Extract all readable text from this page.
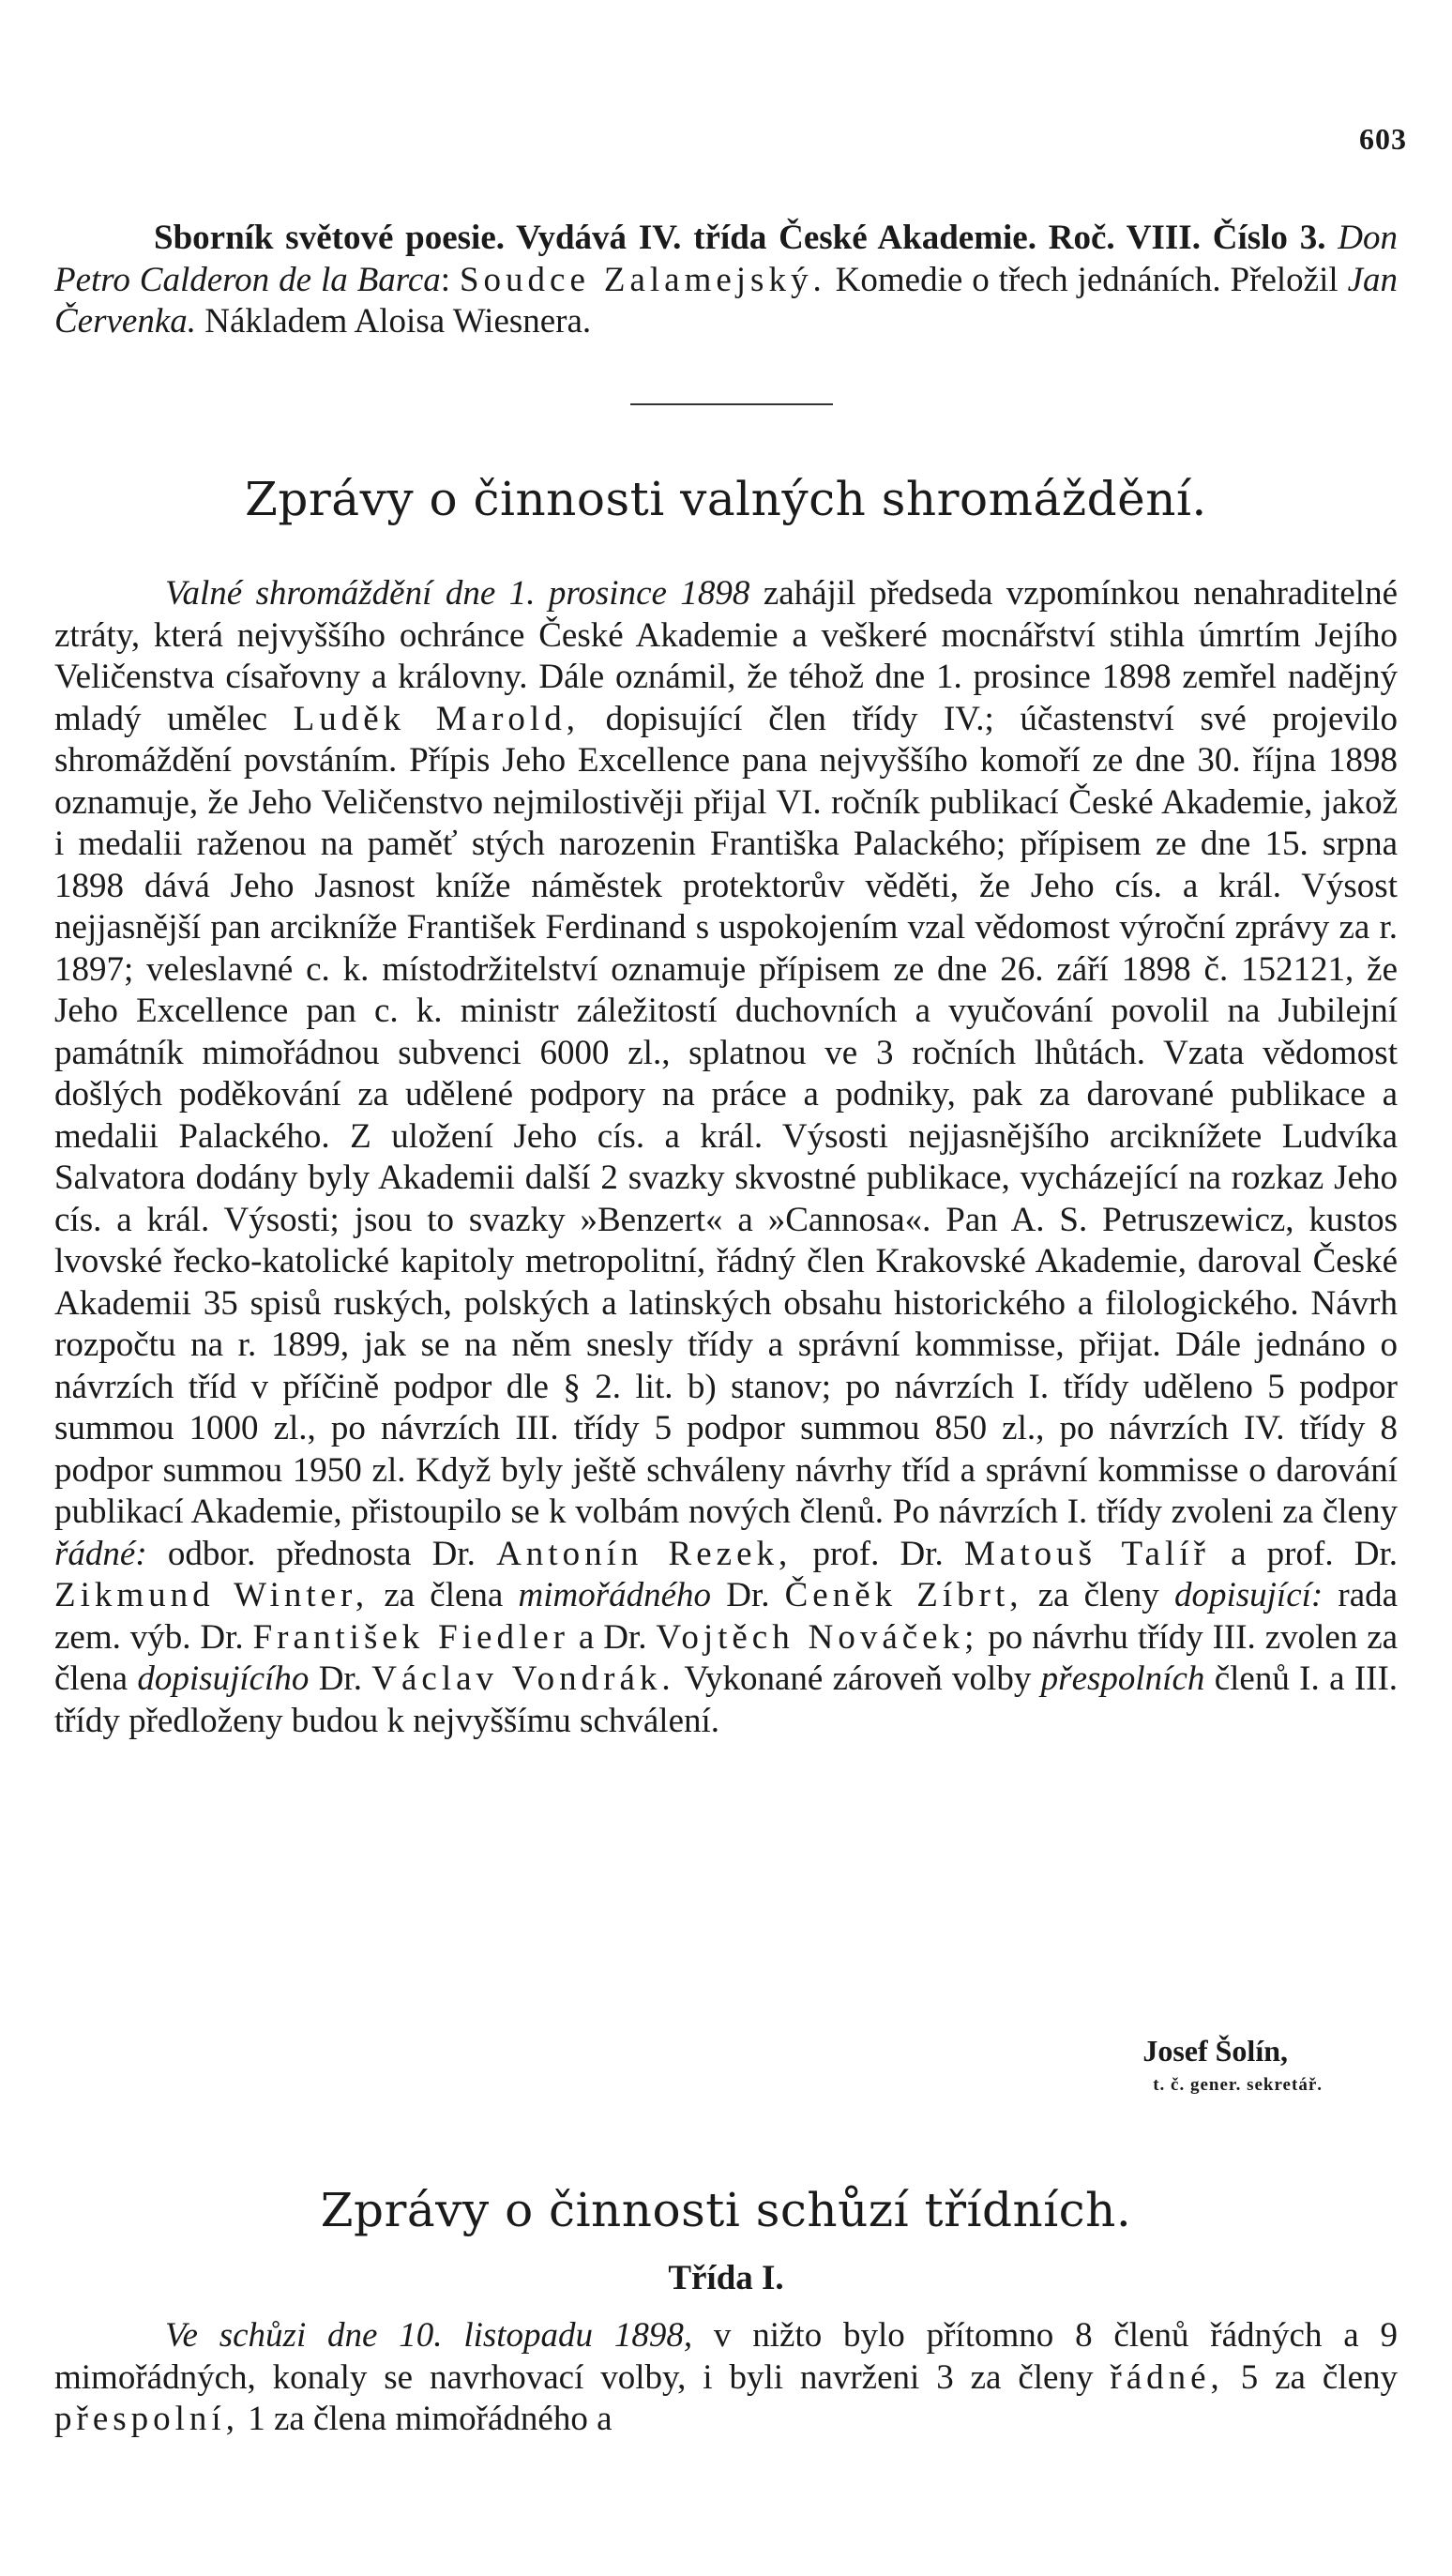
603

Sborník světové poesie. Vydává IV. třída České Akademie. Roč. VIII. Číslo 3. Don Petro Calderon de la Barca: Soudce Zalamejský. Komedie o třech jednáních. Přeložil Jan Červenka. Nákladem Aloisa Wiesnera.

Zprávy o činnosti valných shromáždění.

Valné shromáždění dne 1. prosince 1898 zahájil předseda vzpomínkou nenahraditelné ztráty, která nejvyššího ochránce České Akademie a veškeré mocnářství stihla úmrtím Jejího Veličenstva císařovny a královny. Dále oznámil, že téhož dne 1. prosince 1898 zemřel nadějný mladý umělec Luděk Marold, dopisující člen třídy IV.; účastenství své projevilo shromáždění povstáním. Přípis Jeho Excellence pana nejvyššího komoří ze dne 30. října 1898 oznamuje, že Jeho Veličenstvo nejmilostivěji přijal VI. ročník publikací České Akademie, jakož i medalii raženou na paměť stých narozenin Františka Palackého; přípisem ze dne 15. srpna 1898 dává Jeho Jasnost kníže náměstek protektorův věděti, že Jeho cís. a král. Výsost nejjasnější pan arcikníže František Ferdinand s uspokojením vzal vědomost výroční zprávy za r. 1897; veleslavné c. k. místodržitelství oznamuje přípisem ze dne 26. září 1898 č. 152121, že Jeho Excellence pan c. k. ministr záležitostí duchovních a vyučování povolil na Jubilejní památník mimořádnou subvenci 6000 zl., splatnou ve 3 ročních lhůtách. Vzata vědomost došlých poděkování za udělené podpory na práce a podniky, pak za darované publikace a medalii Palackého. Z uložení Jeho cís. a král. Výsosti nejjasnějšího arciknížete Ludvíka Salvatora dodány byly Akademii další 2 svazky skvostné publikace, vycházející na rozkaz Jeho cís. a král. Výsosti; jsou to svazky »Benzert« a »Cannosa«. Pan A. S. Petruszewicz, kustos lvovské řecko-katolické kapitoly metropolitní, řádný člen Krakovské Akademie, daroval České Akademii 35 spisů ruských, polských a latinských obsahu historického a filologického. Návrh rozpočtu na r. 1899, jak se na něm snesly třídy a správní kommisse, přijat. Dále jednáno o návrzích tříd v příčině podpor dle § 2. lit. b) stanov; po návrzích I. třídy uděleno 5 podpor summou 1000 zl., po návrzích III. třídy 5 podpor summou 850 zl., po návrzích IV. třídy 8 podpor summou 1950 zl. Když byly ještě schváleny návrhy tříd a správní kommisse o darování publikací Akademie, přistoupilo se k volbám nových členů. Po návrzích I. třídy zvoleni za členy řádné: odbor. přednosta Dr. Antonín Rezek, prof. Dr. Matouš Talíř a prof. Dr. Zikmund Winter, za člena mimořádného Dr. Čeněk Zíbrt, za členy dopisující: rada zem. výb. Dr. František Fiedler a Dr. Vojtěch Nováček; po návrhu třídy III. zvolen za člena dopisujícího Dr. Václav Vondrák. Vykonané zároveň volby přespolních členů I. a III. třídy předloženy budou k nejvyššímu schválení.

Josef Šolín,
t. č. gener. sekretář.
Zprávy o činnosti schůzí třídních.
Třída I.

Ve schůzi dne 10. listopadu 1898, v nižto bylo přítomno 8 členů řádných a 9 mimořádných, konaly se navrhovací volby, i byli navrženi 3 za členy řádné, 5 za členy přespolní, 1 za člena mimořádného a
